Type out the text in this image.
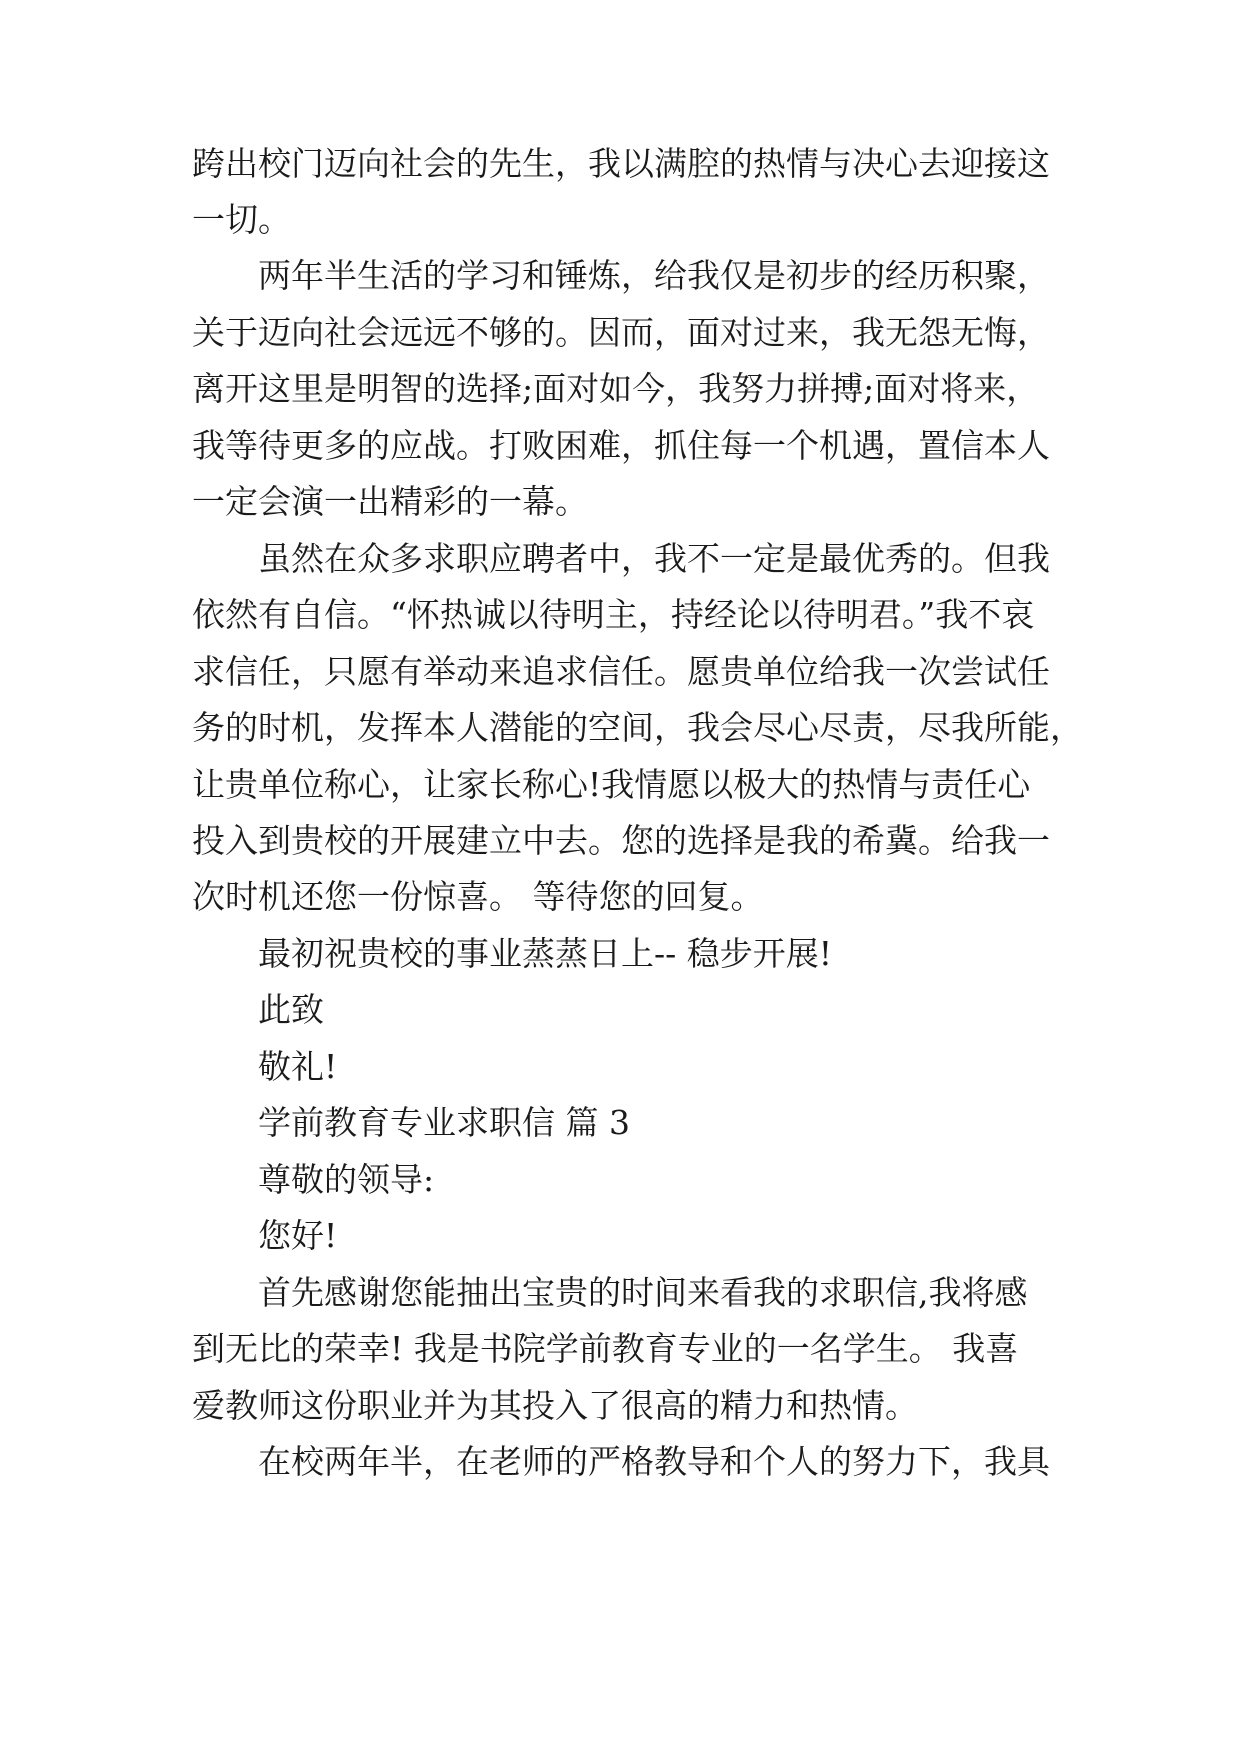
跨出校门迈向社会的先生，我以满腔的热情与决心去迎接这
一切。
两年半生活的学习和锤炼，给我仅是初步的经历积聚，
关于迈向社会远远不够的。因而，面对过来，我无怨无悔，
离开这里是明智的选择;面对如今，我努力拼搏;面对将来，
我等待更多的应战。打败困难，抓住每一个机遇，置信本人
一定会演一出精彩的一幕。
虽然在众多求职应聘者中，我不一定是最优秀的。但我
依然有自信。“怀热诚以待明主，持经论以待明君。”我不哀
求信任，只愿有举动来追求信任。愿贵单位给我一次尝试任
务的时机，发挥本人潜能的空间，我会尽心尽责，尽我所能，
让贵单位称心，让家长称心!我情愿以极大的热情与责任心
投入到贵校的开展建立中去。您的选择是我的希冀。给我一
次时机还您一份惊喜。 等待您的回复。
最初祝贵校的事业蒸蒸日上-- 稳步开展!
此致
敬礼!
学前教育专业求职信 篇 3
尊敬的领导:
您好!
首先感谢您能抽出宝贵的时间来看我的求职信,我将感
到无比的荣幸! 我是书院学前教育专业的一名学生。 我喜
爱教师这份职业并为其投入了很高的精力和热情。
在校两年半，在老师的严格教导和个人的努力下，我具
